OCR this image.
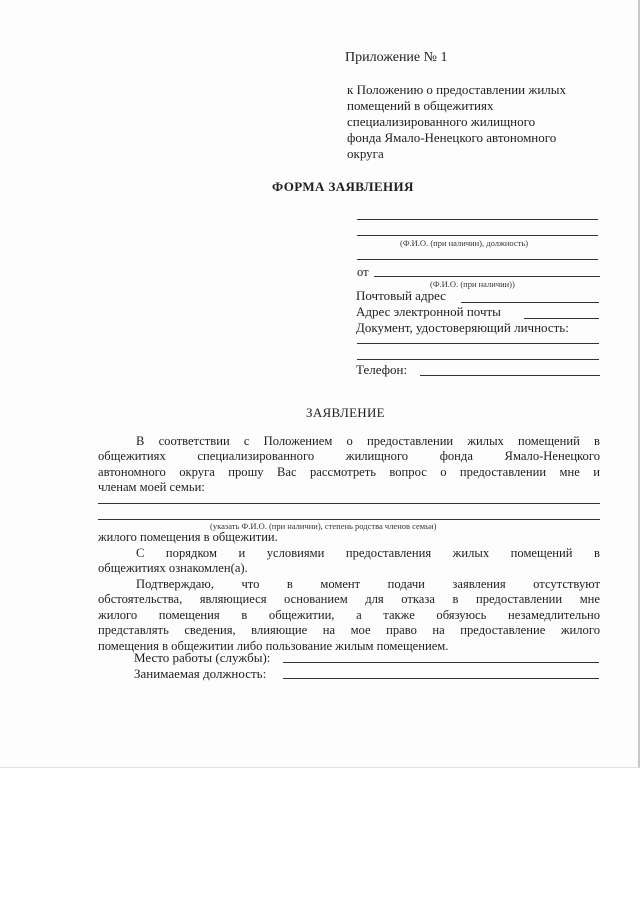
Приложение № 1
к Положению о предоставлении жилых
помещений в общежитиях
специализированного жилищного
фонда Ямало-Ненецкого автономного
округа
ФОРМА ЗАЯВЛЕНИЯ
(Ф.И.О. (при наличии), должность)
от
(Ф.И.О. (при наличии))
Почтовый адрес
Адрес электронной почты
Документ, удостоверяющий личность:
Телефон:
ЗАЯВЛЕНИЕ
В соответствии с Положением о предоставлении жилых помещений в
общежитиях специализированного жилищного фонда Ямало-Ненецкого
автономного округа прошу Вас рассмотреть вопрос о предоставлении мне и
членам моей семьи:
(указать Ф.И.О. (при наличии), степень родства членов семьи)
жилого помещения в общежитии.
С порядком и условиями предоставления жилых помещений в
общежитиях ознакомлен(а).
Подтверждаю, что в момент подачи заявления отсутствуют
обстоятельства, являющиеся основанием для отказа в предоставлении мне
жилого помещения в общежитии, а также обязуюсь незамедлительно
представлять сведения, влияющие на мое право на предоставление жилого
помещения в общежитии либо пользование жилым помещением.
Место работы (службы):
Занимаемая должность:
